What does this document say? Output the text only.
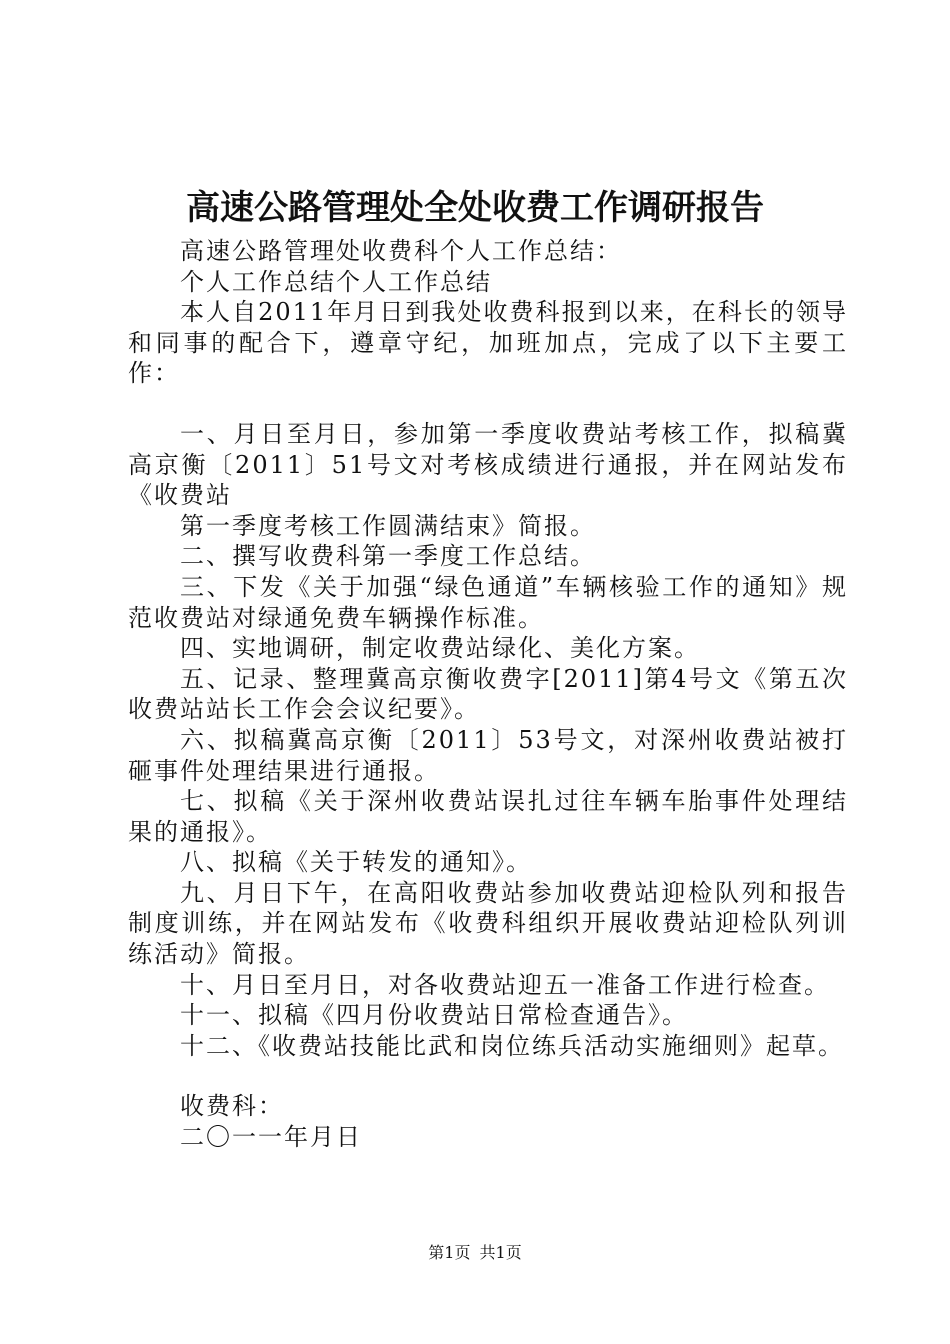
高速公路管理处全处收费工作调研报告

高速公路管理处收费科个人工作总结：

个人工作总结个人工作总结

本人自2011年月日到我处收费科报到以来，在科长的领导和同事的配合下，遵章守纪，加班加点，完成了以下主要工作：

一、月日至月日，参加第一季度收费站考核工作，拟稿冀高京衡〔2011〕51号文对考核成绩进行通报，并在网站发布《收费站

第一季度考核工作圆满结束》简报。

二、撰写收费科第一季度工作总结。

三、下发《关于加强“绿色通道”车辆核验工作的通知》规范收费站对绿通免费车辆操作标准。

四、实地调研，制定收费站绿化、美化方案。

五、记录、整理冀高京衡收费字[2011]第4号文《第五次收费站站长工作会会议纪要》。

六、拟稿冀高京衡〔2011〕53号文，对深州收费站被打砸事件处理结果进行通报。

七、拟稿《关于深州收费站误扎过往车辆车胎事件处理结果的通报》。

八、拟稿《关于转发的通知》。

九、月日下午，在高阳收费站参加收费站迎检队列和报告制度训练，并在网站发布《收费科组织开展收费站迎检队列训练活动》简报。

十、月日至月日，对各收费站迎五一准备工作进行检查。

十一、拟稿《四月份收费站日常检查通告》。

十二、《收费站技能比武和岗位练兵活动实施细则》起草。

收费科：

二〇一一年月日

第1页 共1页
